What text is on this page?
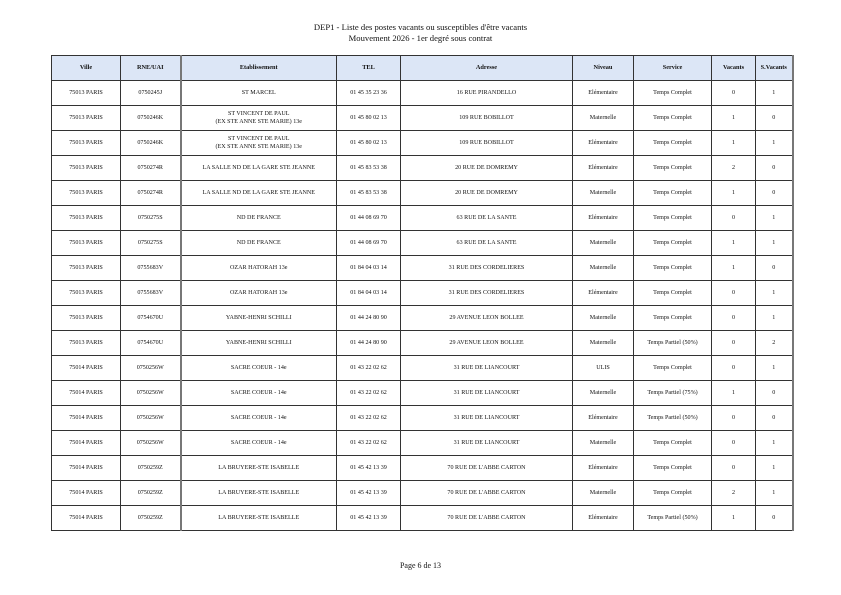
DEP1 - Liste des postes vacants ou susceptibles d'être vacants
Mouvement 2026 - 1er degré sous contrat
Ville	RNE/UAI	Etablissement	TEL	Adresse	Niveau	Service	Vacants	S.Vacants
75013 PARIS	0750245J	ST MARCEL	01 45 35 23 36	16 RUE PIRANDELLO	Elémentaire	Temps Complet	0	1
75013 PARIS	0750246K	ST VINCENT DE PAUL
(EX STE ANNE STE MARIE) 13e	01 45 80 02 13	109 RUE BOBILLOT	Maternelle	Temps Complet	1	0
75013 PARIS	0750246K	ST VINCENT DE PAUL
(EX STE ANNE STE MARIE) 13e	01 45 80 02 13	109 RUE BOBILLOT	Elémentaire	Temps Complet	1	1
75013 PARIS	0750274R	LA SALLE ND DE LA GARE STE JEANNE	01 45 83 53 38	20 RUE DE DOMREMY	Elémentaire	Temps Complet	2	0
75013 PARIS	0750274R	LA SALLE ND DE LA GARE STE JEANNE	01 45 83 53 38	20 RUE DE DOMREMY	Maternelle	Temps Complet	1	0
75013 PARIS	0750275S	ND DE FRANCE	01 44 08 69 70	63 RUE DE LA SANTE	Elémentaire	Temps Complet	0	1
75013 PARIS	0750275S	ND DE FRANCE	01 44 08 69 70	63 RUE DE LA SANTE	Maternelle	Temps Complet	1	1
75013 PARIS	0755683V	OZAR HATORAH 13e	01 84 04 03 14	31 RUE DES CORDELIERES	Maternelle	Temps Complet	1	0
75013 PARIS	0755683V	OZAR HATORAH 13e	01 84 04 03 14	31 RUE DES CORDELIERES	Elémentaire	Temps Complet	0	1
75013 PARIS	0754670U	YABNE-HENRI SCHILLI	01 44 24 80 90	29 AVENUE LEON BOLLEE	Maternelle	Temps Complet	0	1
75013 PARIS	0754670U	YABNE-HENRI SCHILLI	01 44 24 80 90	29 AVENUE LEON BOLLEE	Maternelle	Temps Partiel (50%)	0	2
75014 PARIS	0750256W	SACRE COEUR - 14e	01 43 22 02 62	31 RUE DE LIANCOURT	ULIS	Temps Complet	0	1
75014 PARIS	0750256W	SACRE COEUR - 14e	01 43 22 02 62	31 RUE DE LIANCOURT	Maternelle	Temps Partiel (75%)	1	0
75014 PARIS	0750256W	SACRE COEUR - 14e	01 43 22 02 62	31 RUE DE LIANCOURT	Elémentaire	Temps Partiel (50%)	0	0
75014 PARIS	0750256W	SACRE COEUR - 14e	01 43 22 02 62	31 RUE DE LIANCOURT	Maternelle	Temps Complet	0	1
75014 PARIS	0750259Z	LA BRUYERE-STE ISABELLE	01 45 42 13 39	70 RUE DE L'ABBE CARTON	Elémentaire	Temps Complet	0	1
75014 PARIS	0750259Z	LA BRUYERE-STE ISABELLE	01 45 42 13 39	70 RUE DE L'ABBE CARTON	Maternelle	Temps Complet	2	1
75014 PARIS	0750259Z	LA BRUYERE-STE ISABELLE	01 45 42 13 39	70 RUE DE L'ABBE CARTON	Elémentaire	Temps Partiel (50%)	1	0
Page 6 de 13
